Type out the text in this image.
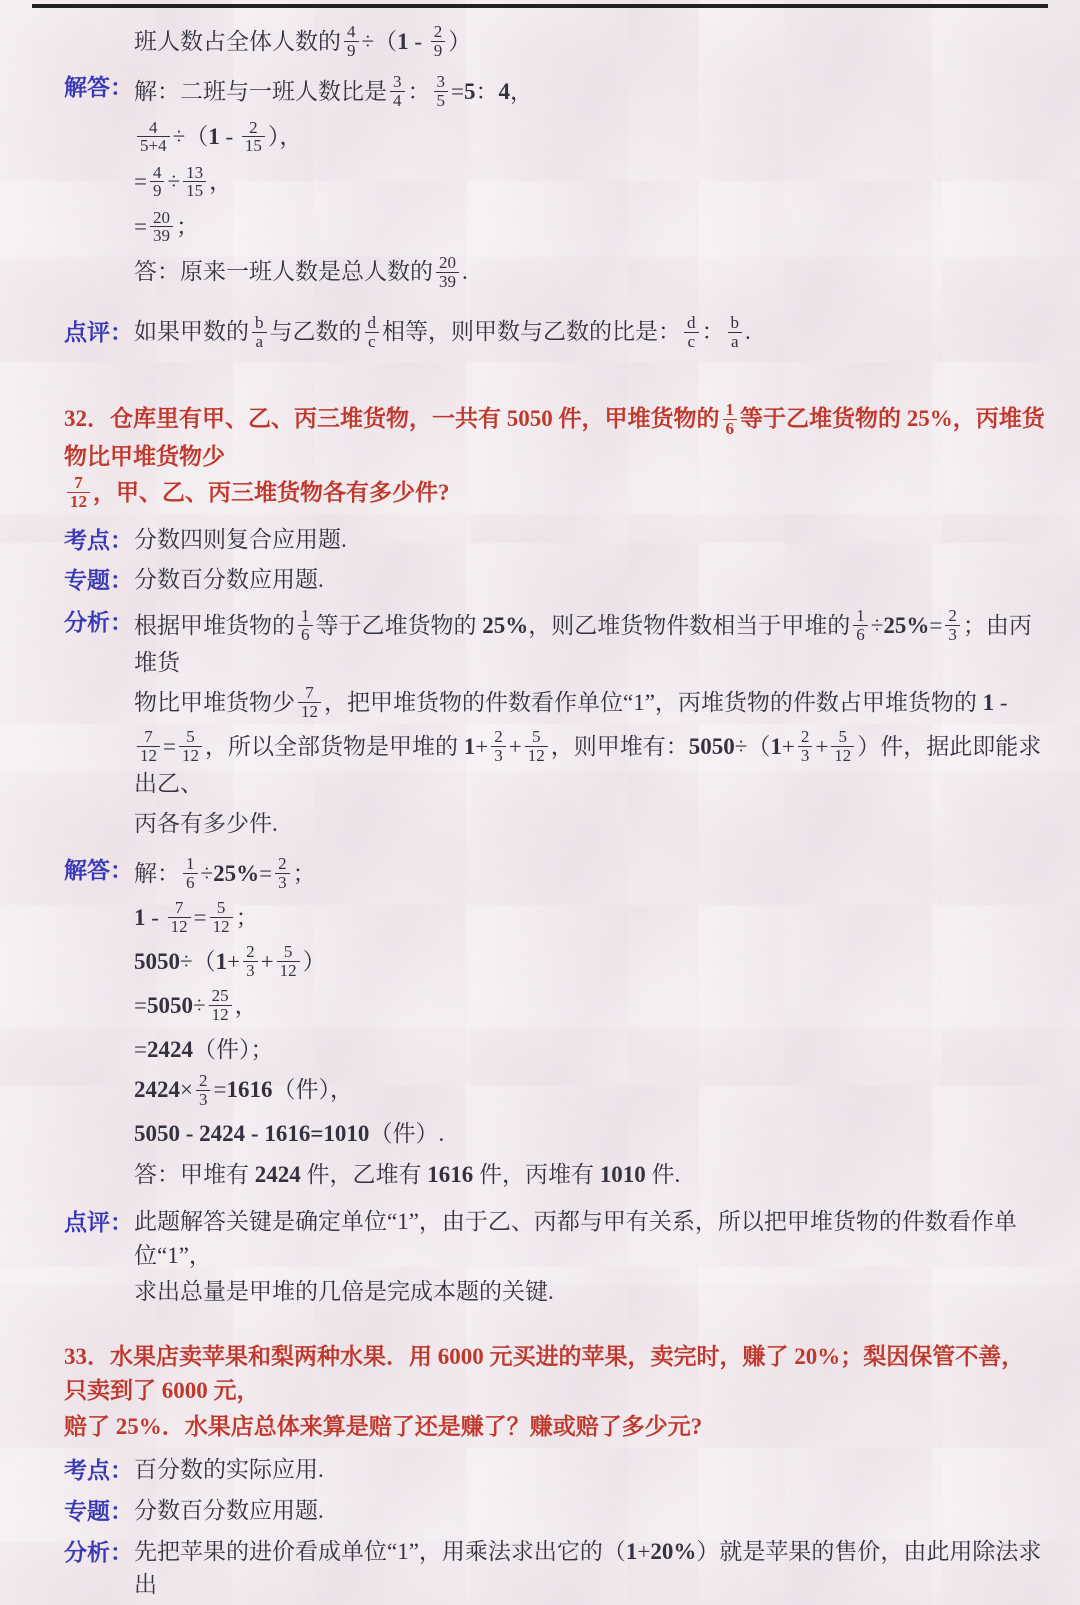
班人数占全体人数的 $\frac{4}{9} \div(1 - \frac{2}{9}$ ）
解答： 解：二班与一班人数比是 $\frac{3}{4}$ ： $\frac{3}{5} =5$：4，
$\frac{4}{5+4} \div(1 - \frac{2}{15}$ ），
= $\frac{4}{9} \div \frac{13}{15}$ ，
= $\frac{20}{39}$ ；
答：原来一班人数是总人数的 $\frac{20}{39}$ .
点评： 如果甲数的 $\frac{b}{a}$ 与乙数的 $\frac{d}{c}$ 相等，则甲数与乙数的比是： $\frac{d}{c}$ ： $\frac{b}{a}$ .
32．仓库里有甲、乙、丙三堆货物，一共有 5050 件，甲堆货物的 $\frac{1}{6}$ 等于乙堆货物的 25%，丙堆货物比甲堆货物少
$\frac{7}{12}$ ，甲、乙、丙三堆货物各有多少件?
考点： 分数四则复合应用题.
专题： 分数百分数应用题.
分析： 根据甲堆货物的 $\frac{1}{6}$ 等于乙堆货物的 25%，则乙堆货物件数相当于甲堆的 $\frac{1}{6} \div 25\%= \frac{2}{3}$ ；由丙堆货
物比甲堆货物少 $\frac{7}{12}$ ，把甲堆货物的件数看作单位“1”，丙堆货物的件数占甲堆货物的 1 -
$\frac{7}{12} = \frac{5}{12}$ ，所以全部货物是甲堆的 $1+ \frac{2}{3} + \frac{5}{12}$ ，则甲堆有：$5050\div(1+ \frac{2}{3} + \frac{5}{12}$ ）件，据此即能求出乙、
丙各有多少件.
解答： 解： $\frac{1}{6} \div 25\%= \frac{2}{3}$ ；
$1 - \frac{7}{12} = \frac{5}{12}$ ；
$5050\div(1+ \frac{2}{3} + \frac{5}{12}$ ）
$=5050\div \frac{25}{12}$ ，
=2424（件）；
$2424\times \frac{2}{3} =1616$（件），
5050 - 2424 - 1616=1010（件）.
答：甲堆有 2424 件，乙堆有 1616 件，丙堆有 1010 件.
点评： 此题解答关键是确定单位“1”，由于乙、丙都与甲有关系，所以把甲堆货物的件数看作单位“1”，
求出总量是甲堆的几倍是完成本题的关键.
33．水果店卖苹果和梨两种水果．用 6000 元买进的苹果，卖完时，赚了 20%；梨因保管不善，只卖到了 6000 元，
赔了 25%．水果店总体来算是赔了还是赚了？赚或赔了多少元?
考点： 百分数的实际应用.
专题： 分数百分数应用题.
分析： 先把苹果的进价看成单位“1”，用乘法求出它的（1+20%）就是苹果的售价，由此用除法求出
